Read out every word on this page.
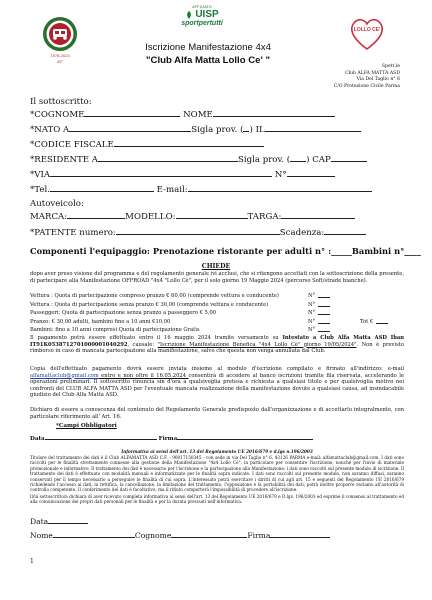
1978-2023
45°
AFFILIATO
UISP
sportpertutti
Iscrizione Manifestazione 4x4
"Club Alfa Matta Lollo Ce' "
LOLLO CE'
Spett.le
Club ALFA MATTA ASD
Via Del Taglio n° 6
C/O Protezione Civile Parma
Il sottoscritto:
*COGNOME	NOME
*NATO A	Sigla prov. ( ) IL
*CODICE FISCALE
*RESIDENTE A	Sigla prov. ( ) CAP
*VIA	N°
*Tel.	E-mail:
Autoveicolo:
MARCA:	MODELLO:	TARGA:
*PATENTE numero:	Scadenza:
Componenti l'equipaggio: Prenotazione ristorante per adulti n° :_____Bambini n°____
CHIEDE
dopo aver preso visione del programma e del regolamento generale ivi acclusi, che si ritengono accettati con la sottoscrizione della presente, di partecipare alla Manifestazione OFFROAD "4x4 "Lollo Cè", per il solo giorno 19 Maggio 2024 (percorso Soft/strade bianche).
Vettura : Quota di partecipazione compreso pranzo € 60,00 (comprende vettura e conducente)	N°
Vettura : Quota di partecipazione senza pranzo € 30,00 (comprende vettura e conducente)	N°
Passeggeri: Quota di partecipazione senza pranzo a passeggero € 5,00	N°
Pranzo: € 30,00 adulti, bambini fino a 10 anni €10,00	N°	Tot €
Bambini: fino a 10 anni compresi Quota di partecipazione Gratis	N°
Il pagamento potrà essere effettuato entro il 16 maggio 2024 tramite versamento su Intestato a Club Alfa Matta ASD Iban IT91K0538712701000001040292, causale: "Iscrizione Manifestazione Benefica "4x4 Lollo Cè" giorno 19/05/2024". Non è previsto rimborso in caso di mancata partecipazione alla manifestazione, salvo che questa non venga annullata dal Club.
Copia dell'effettuato pagamento dovrà essere inviata insieme al modulo d'iscrizione compilato e firmato all'indirizzo: e-mail alfamattaclub@gmail.com entro e non oltre il 16.05.2024 consentirà di accedere al banco iscrizioni tramite fila riservata, accelerando le operazioni preliminari. Il sottoscritto rinuncia sin d'ora a qualsivoglia pretesa e richiesta a qualsiasi titolo e per qualsivoglia motivo nei confronti del CLUB ALFA MATTA ASD per l'eventuale mancata realizzazione della manifestazione dovute a qualsiasi causa, ad insindacabile giudizio del Club Alfa Matta ASD.
Dichiaro di essere a conoscenza del contenuto del Regolamento Generale predisposto dall'organizzazione e di accettarlo integralmente, con particolare riferimento all' Art. 16.
*Campi Obbligatori
Data	Firma
Informativa ai sensi dell'art. 13 del Regolamento UE 2016/679 e d.lgs n.196/2003
Titolare del trattamento dei dati è il Club ALFAMATTA ASD C.F. : 90017150345 - con sede in via Del Taglio n° 6, 43126 PARMA e-mail: alfamattaclub@gmail.com. I dati sono raccolti per le finalità strettamente connesse alla gestione della Manifestazione "4x4 Lollo Cè", in particolare per consentire l'iscrizione, nonché per l'invio di materiale promozionale e informativo. Il trattamento dei dati è necessario per l'iscrizione e la partecipazione alla Manifestazione; i dati sono raccolti sul presente modulo di iscrizione. Il trattamento dei dati è effettuato con modalità manuali e informatizzate per le finalità sopra indicate. I dati sono raccolti sul presente modulo, non saranno diffusi, saranno conservati per il tempo necessario a perseguire le finalità di cui sopra. L'interessato potrà esercitare i diritti di cui agli art. 15 e seguenti del Regolamento UE 2016/679 richiedendo l'accesso ai dati, la rettifica, la cancellazione, la limitazione del trattamento, l'opposizione e la portabilità dei dati; potrà inoltre proporre reclamo all'autorità di controllo competente. Il conferimento dei dati è facoltativo, ma il rifiuto comporterà l'impossibilità di procedere all'iscrizione.
Il/la sottoscritto/a dichiara di aver ricevuto completa informativa ai sensi dell'art. 13 del Regolamento UE 2016/679 e D.lgs. 196/2003 ed esprime il consenso al trattamento ed alla comunicazione dei propri dati personali per le finalità e per la durata precisati nell'informativa.
Data
Nome	Cognome	Firma
1
